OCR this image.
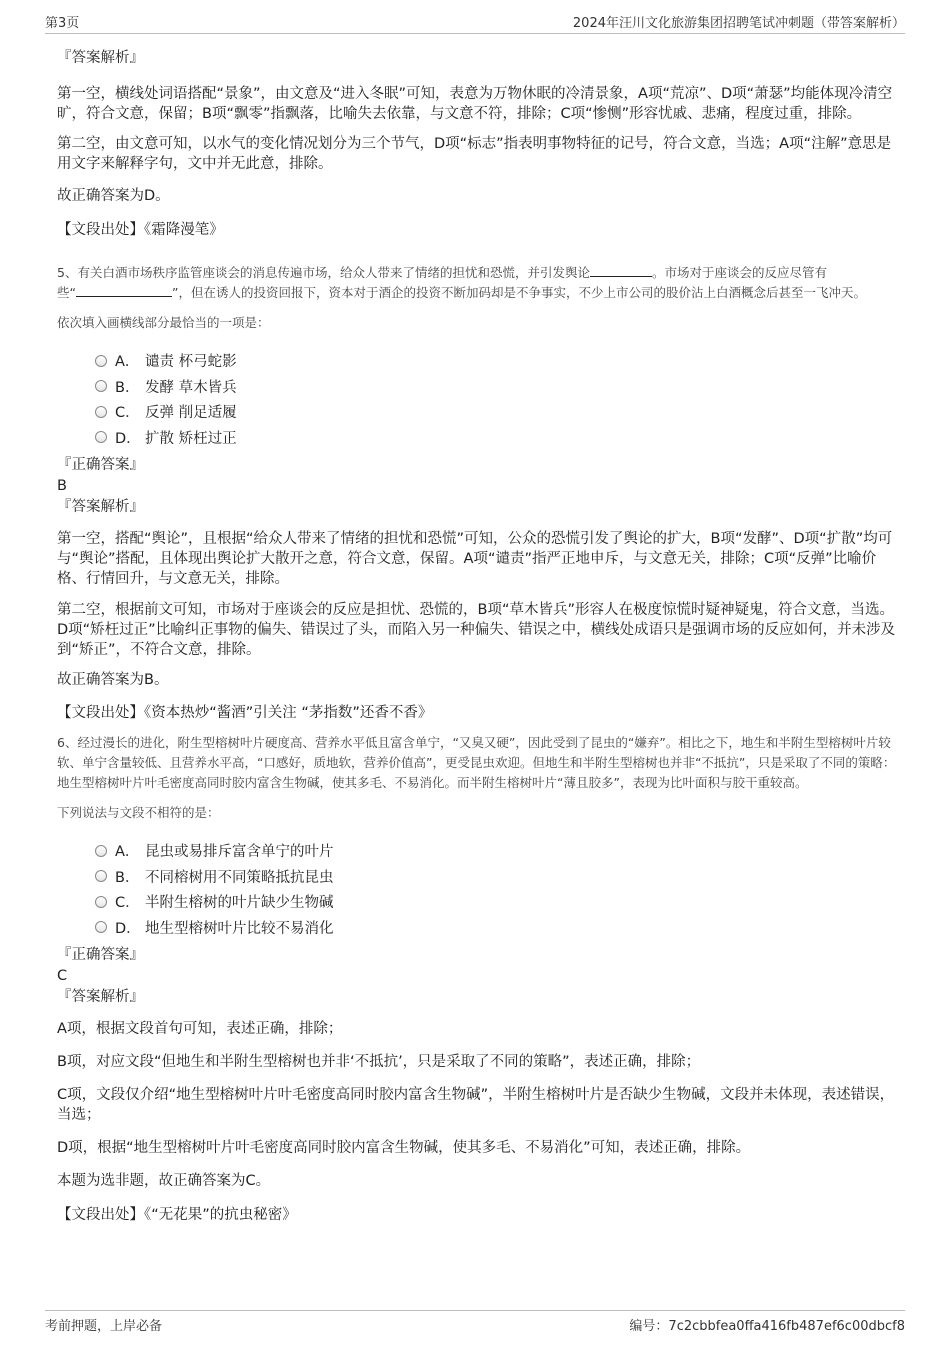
第3页	2024年汪川文化旅游集团招聘笔试冲刺题（带答案解析）
『答案解析』
第一空，横线处词语搭配“景象”，由文意及“进入冬眠”可知，表意为万物休眠的冷清景象，A项“荒凉”、D项“萧瑟”均能体现冷清空旷，符合文意，保留；B项“飘零”指飘落，比喻失去依靠，与文意不符，排除；C项“惨恻”形容忧戚、悲痛，程度过重，排除。
第二空，由文意可知，以水气的变化情况划分为三个节气，D项“标志”指表明事物特征的记号，符合文意，当选；A项“注解”意思是用文字来解释字句，文中并无此意，排除。
故正确答案为D。
【文段出处】《霜降漫笔》
5、有关白酒市场秩序监管座谈会的消息传遍市场，给众人带来了情绪的担忧和恐慌，并引发舆论	。市场对于座谈会的反应尽管有
些“	”，但在诱人的投资回报下，资本对于酒企的投资不断加码却是不争事实，不少上市公司的股价沾上白酒概念后甚至一飞冲天。
依次填入画横线部分最恰当的一项是：
A． 谴责 杯弓蛇影
B． 发酵 草木皆兵
C． 反弹 削足适履
D． 扩散 矫枉过正
『正确答案』
B
『答案解析』
第一空，搭配“舆论”，且根据“给众人带来了情绪的担忧和恐慌”可知，公众的恐慌引发了舆论的扩大，B项“发酵”、D项“扩散”均可与“舆论”搭配，且体现出舆论扩大散开之意，符合文意，保留。A项“谴责”指严正地申斥，与文意无关，排除；C项“反弹”比喻价格、行情回升，与文意无关，排除。
第二空，根据前文可知，市场对于座谈会的反应是担忧、恐慌的，B项“草木皆兵”形容人在极度惊慌时疑神疑鬼，符合文意，当选。D项“矫枉过正”比喻纠正事物的偏失、错误过了头，而陷入另一种偏失、错误之中，横线处成语只是强调市场的反应如何，并未涉及到“矫正”，不符合文意，排除。
故正确答案为B。
【文段出处】《资本热炒“酱酒”引关注 “茅指数”还香不香》
6、经过漫长的进化，附生型榕树叶片硬度高、营养水平低且富含单宁，“又臭又硬”，因此受到了昆虫的“嫌弃”。相比之下，地生和半附生型榕树叶片较软、单宁含量较低、且营养水平高，“口感好，质地软，营养价值高”，更受昆虫欢迎。但地生和半附生型榕树也并非“不抵抗”，只是采取了不同的策略：地生型榕树叶片叶毛密度高同时胶内富含生物碱，使其多毛、不易消化。而半附生榕树叶片“薄且胶多”，表现为比叶面积与胶干重较高。
下列说法与文段不相符的是：
A． 昆虫或易排斥富含单宁的叶片
B． 不同榕树用不同策略抵抗昆虫
C． 半附生榕树的叶片缺少生物碱
D． 地生型榕树叶片比较不易消化
『正确答案』
C
『答案解析』
A项，根据文段首句可知，表述正确，排除；
B项，对应文段“但地生和半附生型榕树也并非‘不抵抗’，只是采取了不同的策略”，表述正确，排除；
C项，文段仅介绍“地生型榕树叶片叶毛密度高同时胶内富含生物碱”，半附生榕树叶片是否缺少生物碱，文段并未体现，表述错误，当选；
D项，根据“地生型榕树叶片叶毛密度高同时胶内富含生物碱，使其多毛、不易消化”可知，表述正确，排除。
本题为选非题，故正确答案为C。
【文段出处】《“无花果”的抗虫秘密》
考前押题，上岸必备	编号：7c2cbbfea0ffa416fb487ef6c00dbcf8
